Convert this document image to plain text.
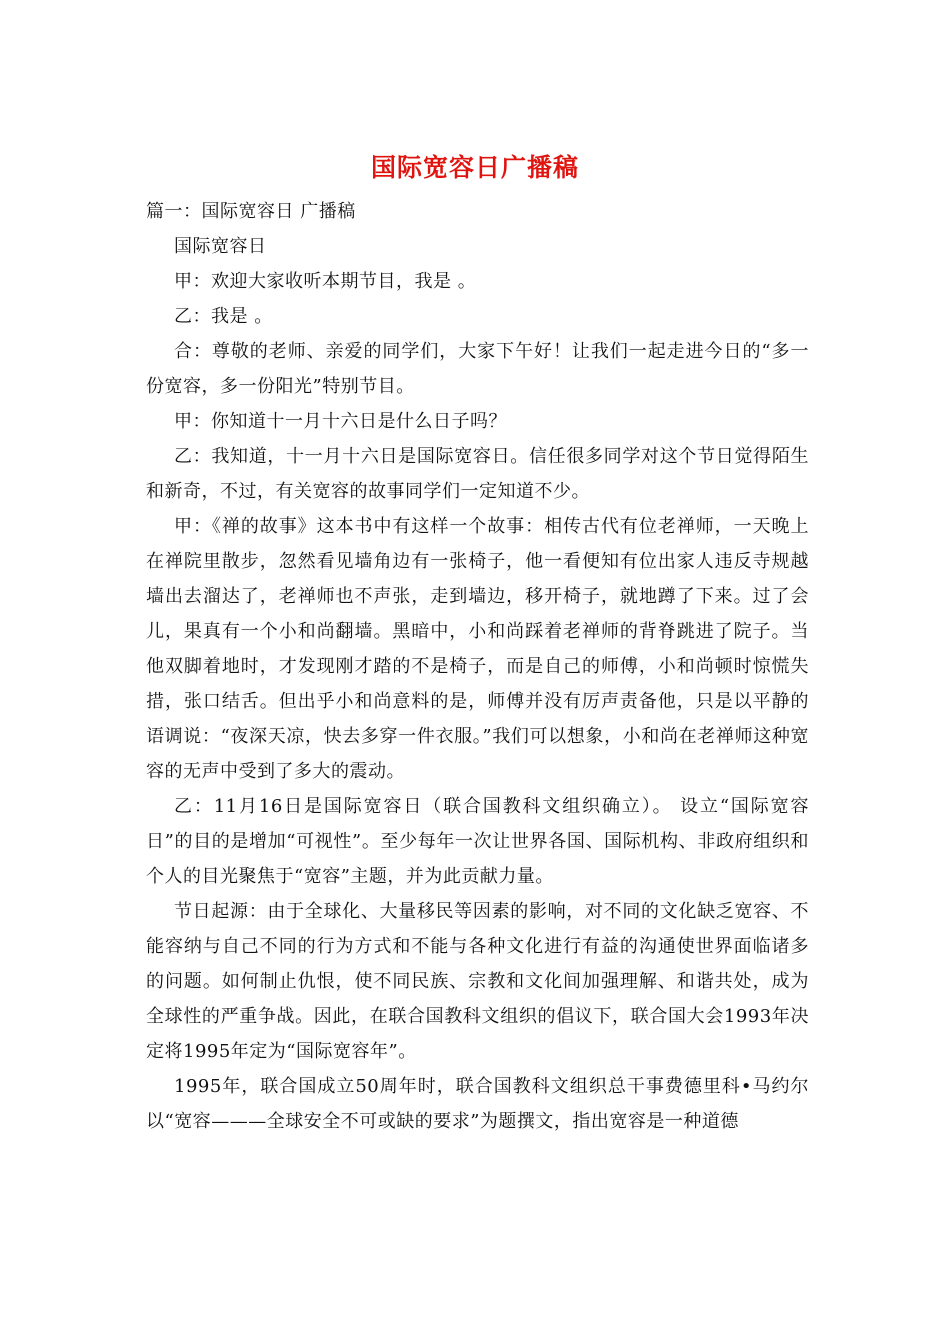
国际宽容日广播稿

篇一：国际宽容日 广播稿

国际宽容日

甲：欢迎大家收听本期节目，我是 。

乙：我是 。

合：尊敬的老师、亲爱的同学们，大家下午好！让我们一起走进今日的“多一份宽容，多一份阳光”特别节目。

甲：你知道十一月十六日是什么日子吗？

乙：我知道，十一月十六日是国际宽容日。信任很多同学对这个节日觉得陌生和新奇，不过，有关宽容的故事同学们一定知道不少。

甲：《禅的故事》这本书中有这样一个故事：相传古代有位老禅师，一天晚上在禅院里散步，忽然看见墙角边有一张椅子，他一看便知有位出家人违反寺规越墙出去溜达了，老禅师也不声张，走到墙边，移开椅子，就地蹲了下来。过了会儿，果真有一个小和尚翻墙。黑暗中，小和尚踩着老禅师的背脊跳进了院子。当他双脚着地时，才发现刚才踏的不是椅子，而是自己的师傅，小和尚顿时惊慌失措，张口结舌。但出乎小和尚意料的是，师傅并没有厉声责备他，只是以平静的语调说：“夜深天凉，快去多穿一件衣服。”我们可以想象，小和尚在老禅师这种宽容的无声中受到了多大的震动。

乙：11月16日是国际宽容日（联合国教科文组织确立）。 设立“国际宽容日”的目的是增加“可视性”。至少每年一次让世界各国、国际机构、非政府组织和个人的目光聚焦于“宽容”主题，并为此贡献力量。

节日起源：由于全球化、大量移民等因素的影响，对不同的文化缺乏宽容、不能容纳与自己不同的行为方式和不能与各种文化进行有益的沟通使世界面临诸多的问题。如何制止仇恨，使不同民族、宗教和文化间加强理解、和谐共处，成为全球性的严重争战。因此，在联合国教科文组织的倡议下，联合国大会1993年决定将1995年定为“国际宽容年”。

1995年，联合国成立50周年时，联合国教科文组织总干事费德里科•马约尔以“宽容———全球安全不可或缺的要求”为题撰文，指出宽容是一种道德
